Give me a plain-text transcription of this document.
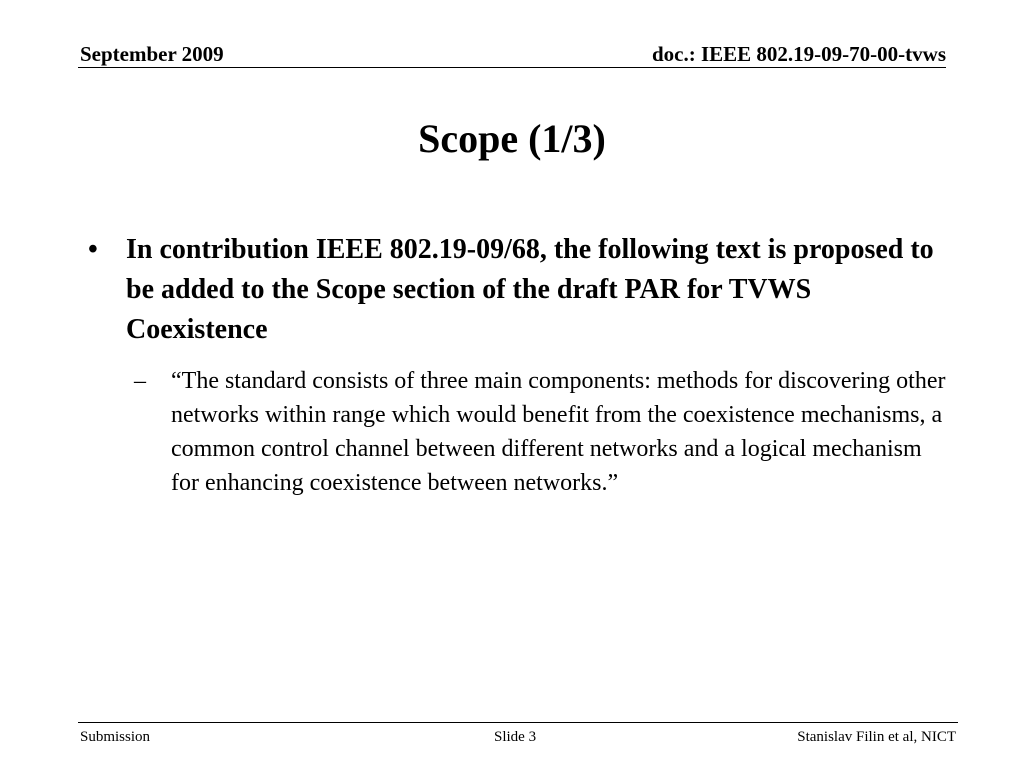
September 2009	doc.: IEEE 802.19-09-70-00-tvws
Scope (1/3)
• In contribution IEEE 802.19-09/68, the following text is proposed to be added to the Scope section of the draft PAR for TVWS Coexistence
– “The standard consists of three main components: methods for discovering other networks within range which would benefit from the coexistence mechanisms, a common control channel between different networks and a logical mechanism for enhancing coexistence between networks.”
Submission	Slide 3	Stanislav Filin et al, NICT
